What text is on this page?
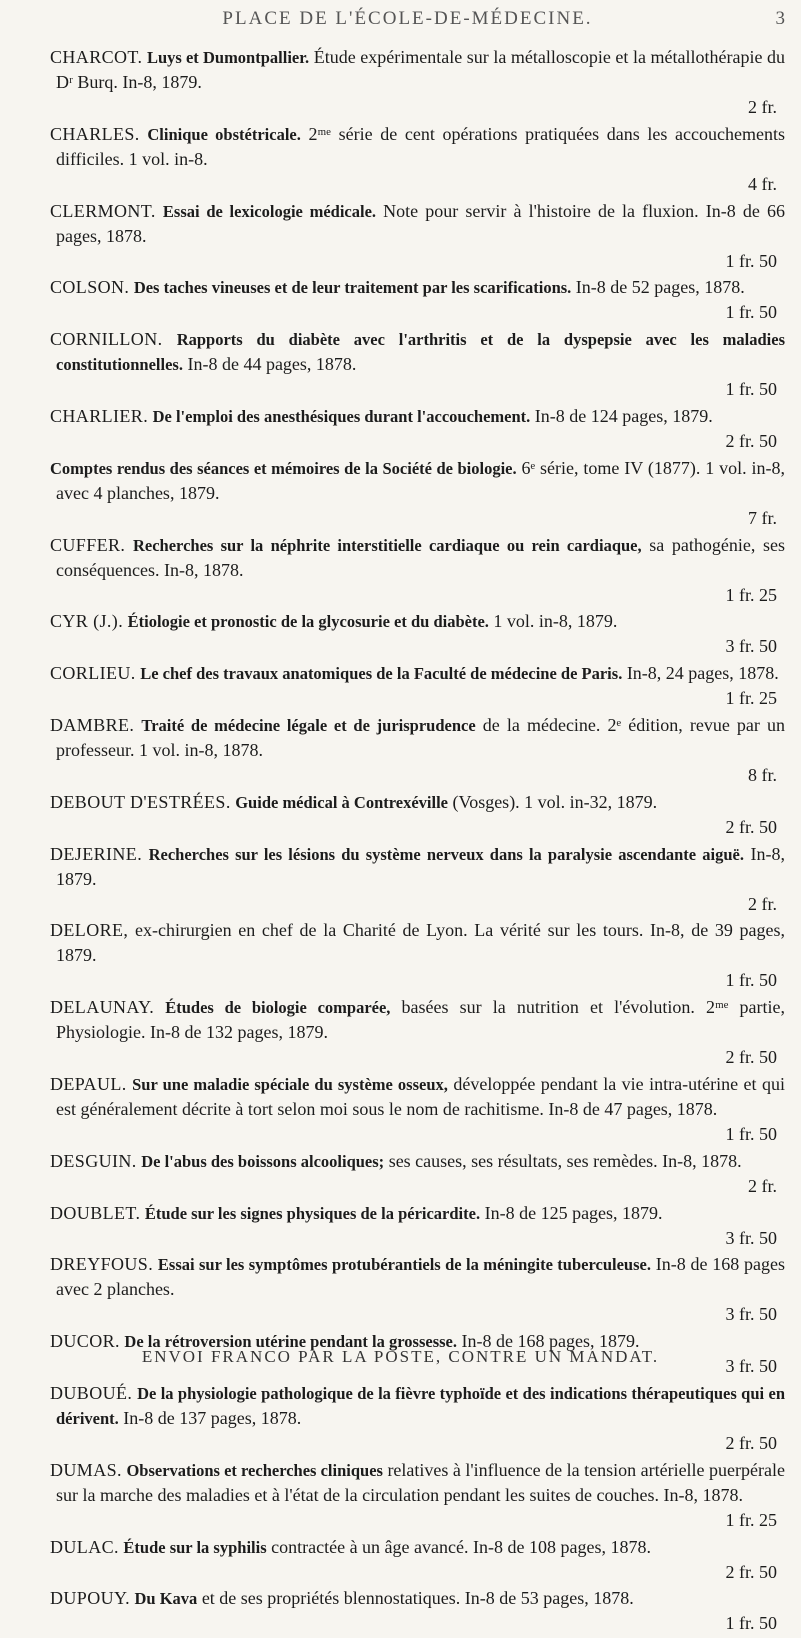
PLACE DE L'ÉCOLE-DE-MÉDECINE.	3
CHARCOT. Luys et Dumontpallier. Étude expérimentale sur la métalloscopie et la métallothérapie du Dʳ Burq. In-8, 1879.
2 fr.
CHARLES. Clinique obstétricale. 2ᵐᵉ série de cent opérations pratiquées dans les accouchements difficiles. 1 vol. in-8.
4 fr.
CLERMONT. Essai de lexicologie médicale. Note pour servir à l'histoire de la fluxion. In-8 de 66 pages, 1878.
1 fr. 50
COLSON. Des taches vineuses et de leur traitement par les scarifications. In-8 de 52 pages, 1878.
1 fr. 50
CORNILLON. Rapports du diabète avec l'arthritis et de la dyspepsie avec les maladies constitutionnelles. In-8 de 44 pages, 1878.
1 fr. 50
CHARLIER. De l'emploi des anesthésiques durant l'accouchement. In-8 de 124 pages, 1879.
2 fr. 50
Comptes rendus des séances et mémoires de la Société de biologie. 6ᵉ série, tome IV (1877). 1 vol. in-8, avec 4 planches, 1879.
7 fr.
CUFFER. Recherches sur la néphrite interstitielle cardiaque ou rein cardiaque, sa pathogénie, ses conséquences. In-8, 1878.
1 fr. 25
CYR (J.). Étiologie et pronostic de la glycosurie et du diabète. 1 vol. in-8, 1879.
3 fr. 50
CORLIEU. Le chef des travaux anatomiques de la Faculté de médecine de Paris. In-8, 24 pages, 1878.
1 fr. 25
DAMBRE. Traité de médecine légale et de jurisprudence de la médecine. 2ᵉ édition, revue par un professeur. 1 vol. in-8, 1878.
8 fr.
DEBOUT D'ESTRÉES. Guide médical à Contrexéville (Vosges). 1 vol. in-32, 1879.
2 fr. 50
DEJERINE. Recherches sur les lésions du système nerveux dans la paralysie ascendante aiguë. In-8, 1879.
2 fr.
DELORE, ex-chirurgien en chef de la Charité de Lyon. La vérité sur les tours. In-8, de 39 pages, 1879.
1 fr. 50
DELAUNAY. Études de biologie comparée, basées sur la nutrition et l'évolution. 2ᵐᵉ partie, Physiologie. In-8 de 132 pages, 1879.
2 fr. 50
DEPAUL. Sur une maladie spéciale du système osseux, développée pendant la vie intra-utérine et qui est généralement décrite à tort selon moi sous le nom de rachitisme. In-8 de 47 pages, 1878.
1 fr. 50
DESGUIN. De l'abus des boissons alcooliques; ses causes, ses résultats, ses remèdes. In-8, 1878.
2 fr.
DOUBLET. Étude sur les signes physiques de la péricardite. In-8 de 125 pages, 1879.
3 fr. 50
DREYFOUS. Essai sur les symptômes protubérantiels de la méningite tuberculeuse. In-8 de 168 pages avec 2 planches.
3 fr. 50
DUCOR. De la rétroversion utérine pendant la grossesse. In-8 de 168 pages, 1879.
3 fr. 50
DUBOUÉ. De la physiologie pathologique de la fièvre typhoïde et des indications thérapeutiques qui en dérivent. In-8 de 137 pages, 1878.
2 fr. 50
DUMAS. Observations et recherches cliniques relatives à l'influence de la tension artérielle puerpérale sur la marche des maladies et à l'état de la circulation pendant les suites de couches. In-8, 1878.
1 fr. 25
DULAC. Étude sur la syphilis contractée à un âge avancé. In-8 de 108 pages, 1878.
2 fr. 50
DUPOUY. Du Kava et de ses propriétés blennostatiques. In-8 de 53 pages, 1878.
1 fr. 50
ENVOI FRANCO PAR LA POSTE, CONTRE UN MANDAT.
